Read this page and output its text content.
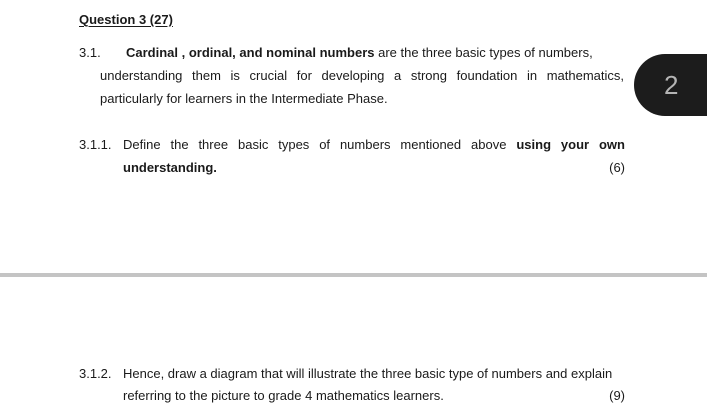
Question 3 (27)
3.1. Cardinal , ordinal, and nominal numbers are the three basic types of numbers,
understanding them is crucial for developing a strong foundation in mathematics,
particularly for learners in the Intermediate Phase.
3.1.1. Define the three basic types of numbers mentioned above using your own
understanding.	(6)
3.1.2. Hence, draw a diagram that will illustrate the three basic type of numbers and explain
referring to the picture to grade 4 mathematics learners.	(9)
2
